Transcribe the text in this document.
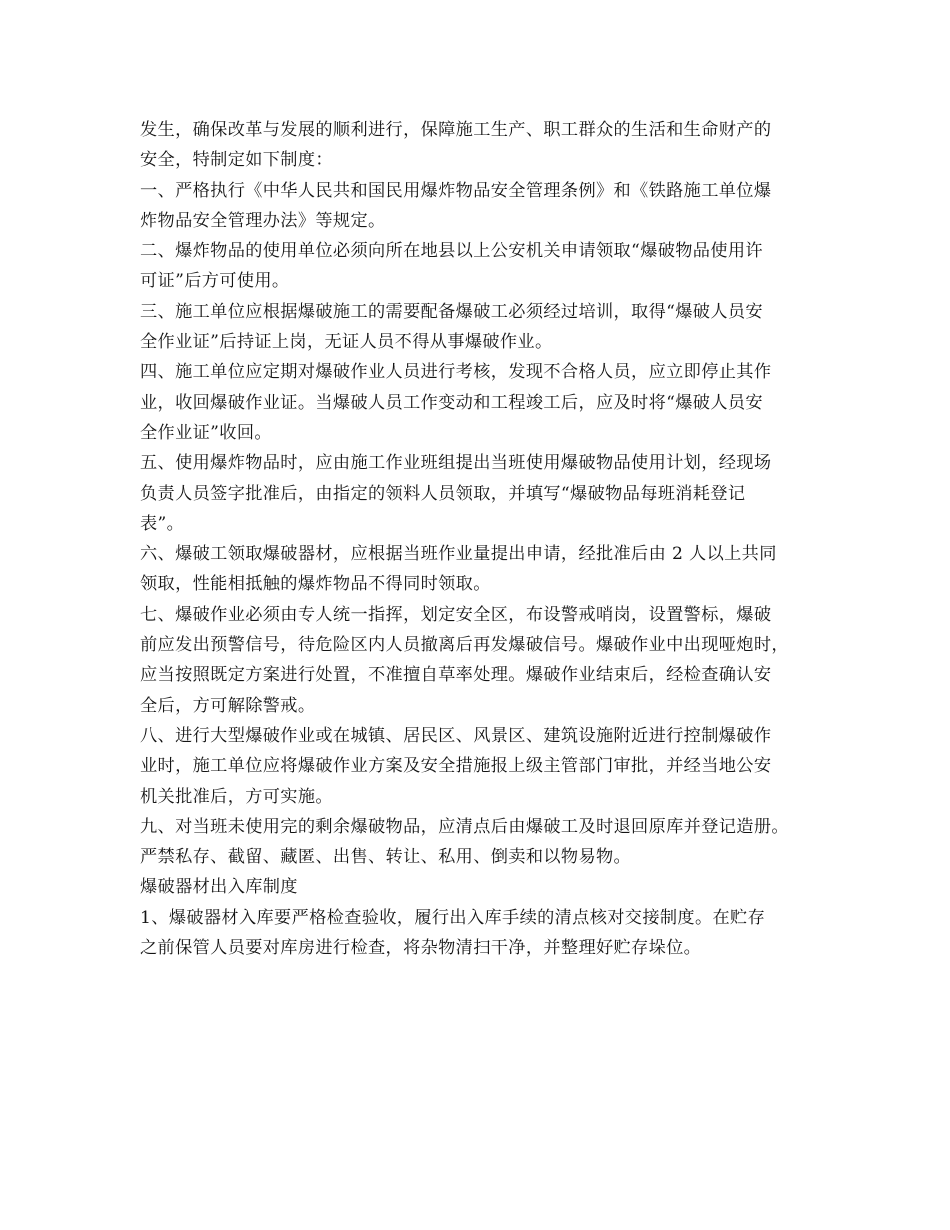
发生，确保改革与发展的顺利进行，保障施工生产、职工群众的生活和生命财产的
安全，特制定如下制度：
一、严格执行《中华人民共和国民用爆炸物品安全管理条例》和《铁路施工单位爆
炸物品安全管理办法》等规定。
二、爆炸物品的使用单位必须向所在地县以上公安机关申请领取“爆破物品使用许
可证”后方可使用。
三、施工单位应根据爆破施工的需要配备爆破工必须经过培训，取得“爆破人员安
全作业证”后持证上岗，无证人员不得从事爆破作业。
四、施工单位应定期对爆破作业人员进行考核，发现不合格人员，应立即停止其作
业，收回爆破作业证。当爆破人员工作变动和工程竣工后，应及时将“爆破人员安
全作业证”收回。
五、使用爆炸物品时，应由施工作业班组提出当班使用爆破物品使用计划，经现场
负责人员签字批准后，由指定的领料人员领取，并填写“爆破物品每班消耗登记
表”。
六、爆破工领取爆破器材，应根据当班作业量提出申请，经批准后由 2 人以上共同
领取，性能相抵触的爆炸物品不得同时领取。
七、爆破作业必须由专人统一指挥，划定安全区，布设警戒哨岗，设置警标，爆破
前应发出预警信号，待危险区内人员撤离后再发爆破信号。爆破作业中出现哑炮时，
应当按照既定方案进行处置，不准擅自草率处理。爆破作业结束后，经检查确认安
全后，方可解除警戒。
八、进行大型爆破作业或在城镇、居民区、风景区、建筑设施附近进行控制爆破作
业时，施工单位应将爆破作业方案及安全措施报上级主管部门审批，并经当地公安
机关批准后，方可实施。
九、对当班未使用完的剩余爆破物品，应清点后由爆破工及时退回原库并登记造册。
严禁私存、截留、藏匿、出售、转让、私用、倒卖和以物易物。
爆破器材出入库制度
1、爆破器材入库要严格检查验收，履行出入库手续的清点核对交接制度。在贮存
之前保管人员要对库房进行检查，将杂物清扫干净，并整理好贮存垛位。
